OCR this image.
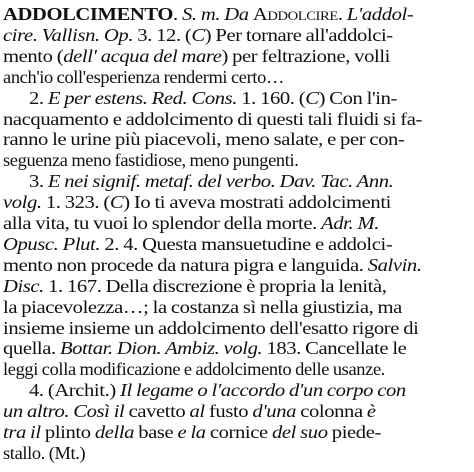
ADDOLCIMENTO. S. m. Da Addolcire. L'addol-
cire. Vallisn. Op. 3. 12. (C) Per tornare all'addolci-
mento (dell' acqua del mare) per feltrazione, volli
anch'io coll'esperienza rendermi certo…
2. E per estens. Red. Cons. 1. 160. (C) Con l'in-
nacquamento e addolcimento di questi tali fluidi si fa-
ranno le urine più piacevoli, meno salate, e per con-
seguenza meno fastidiose, meno pungenti.
3. E nei signif. metaf. del verbo. Dav. Tac. Ann.
volg. 1. 323. (C) Io ti aveva mostrati addolcimenti
alla vita, tu vuoi lo splendor della morte. Adr. M.
Opusc. Plut. 2. 4. Questa mansuetudine e addolci-
mento non procede da natura pigra e languida. Salvin.
Disc. 1. 167. Della discrezione è propria la lenità,
la piacevolezza…; la costanza sì nella giustizia, ma
insieme insieme un addolcimento dell'esatto rigore di
quella. Bottar. Dion. Ambiz. volg. 183. Cancellate le
leggi colla modificazione e addolcimento delle usanze.
4. (Archit.) Il legame o l'accordo d'un corpo con
un altro. Così il cavetto al fusto d'una colonna è
tra il plinto della base e la cornice del suo piede-
stallo. (Mt.)
